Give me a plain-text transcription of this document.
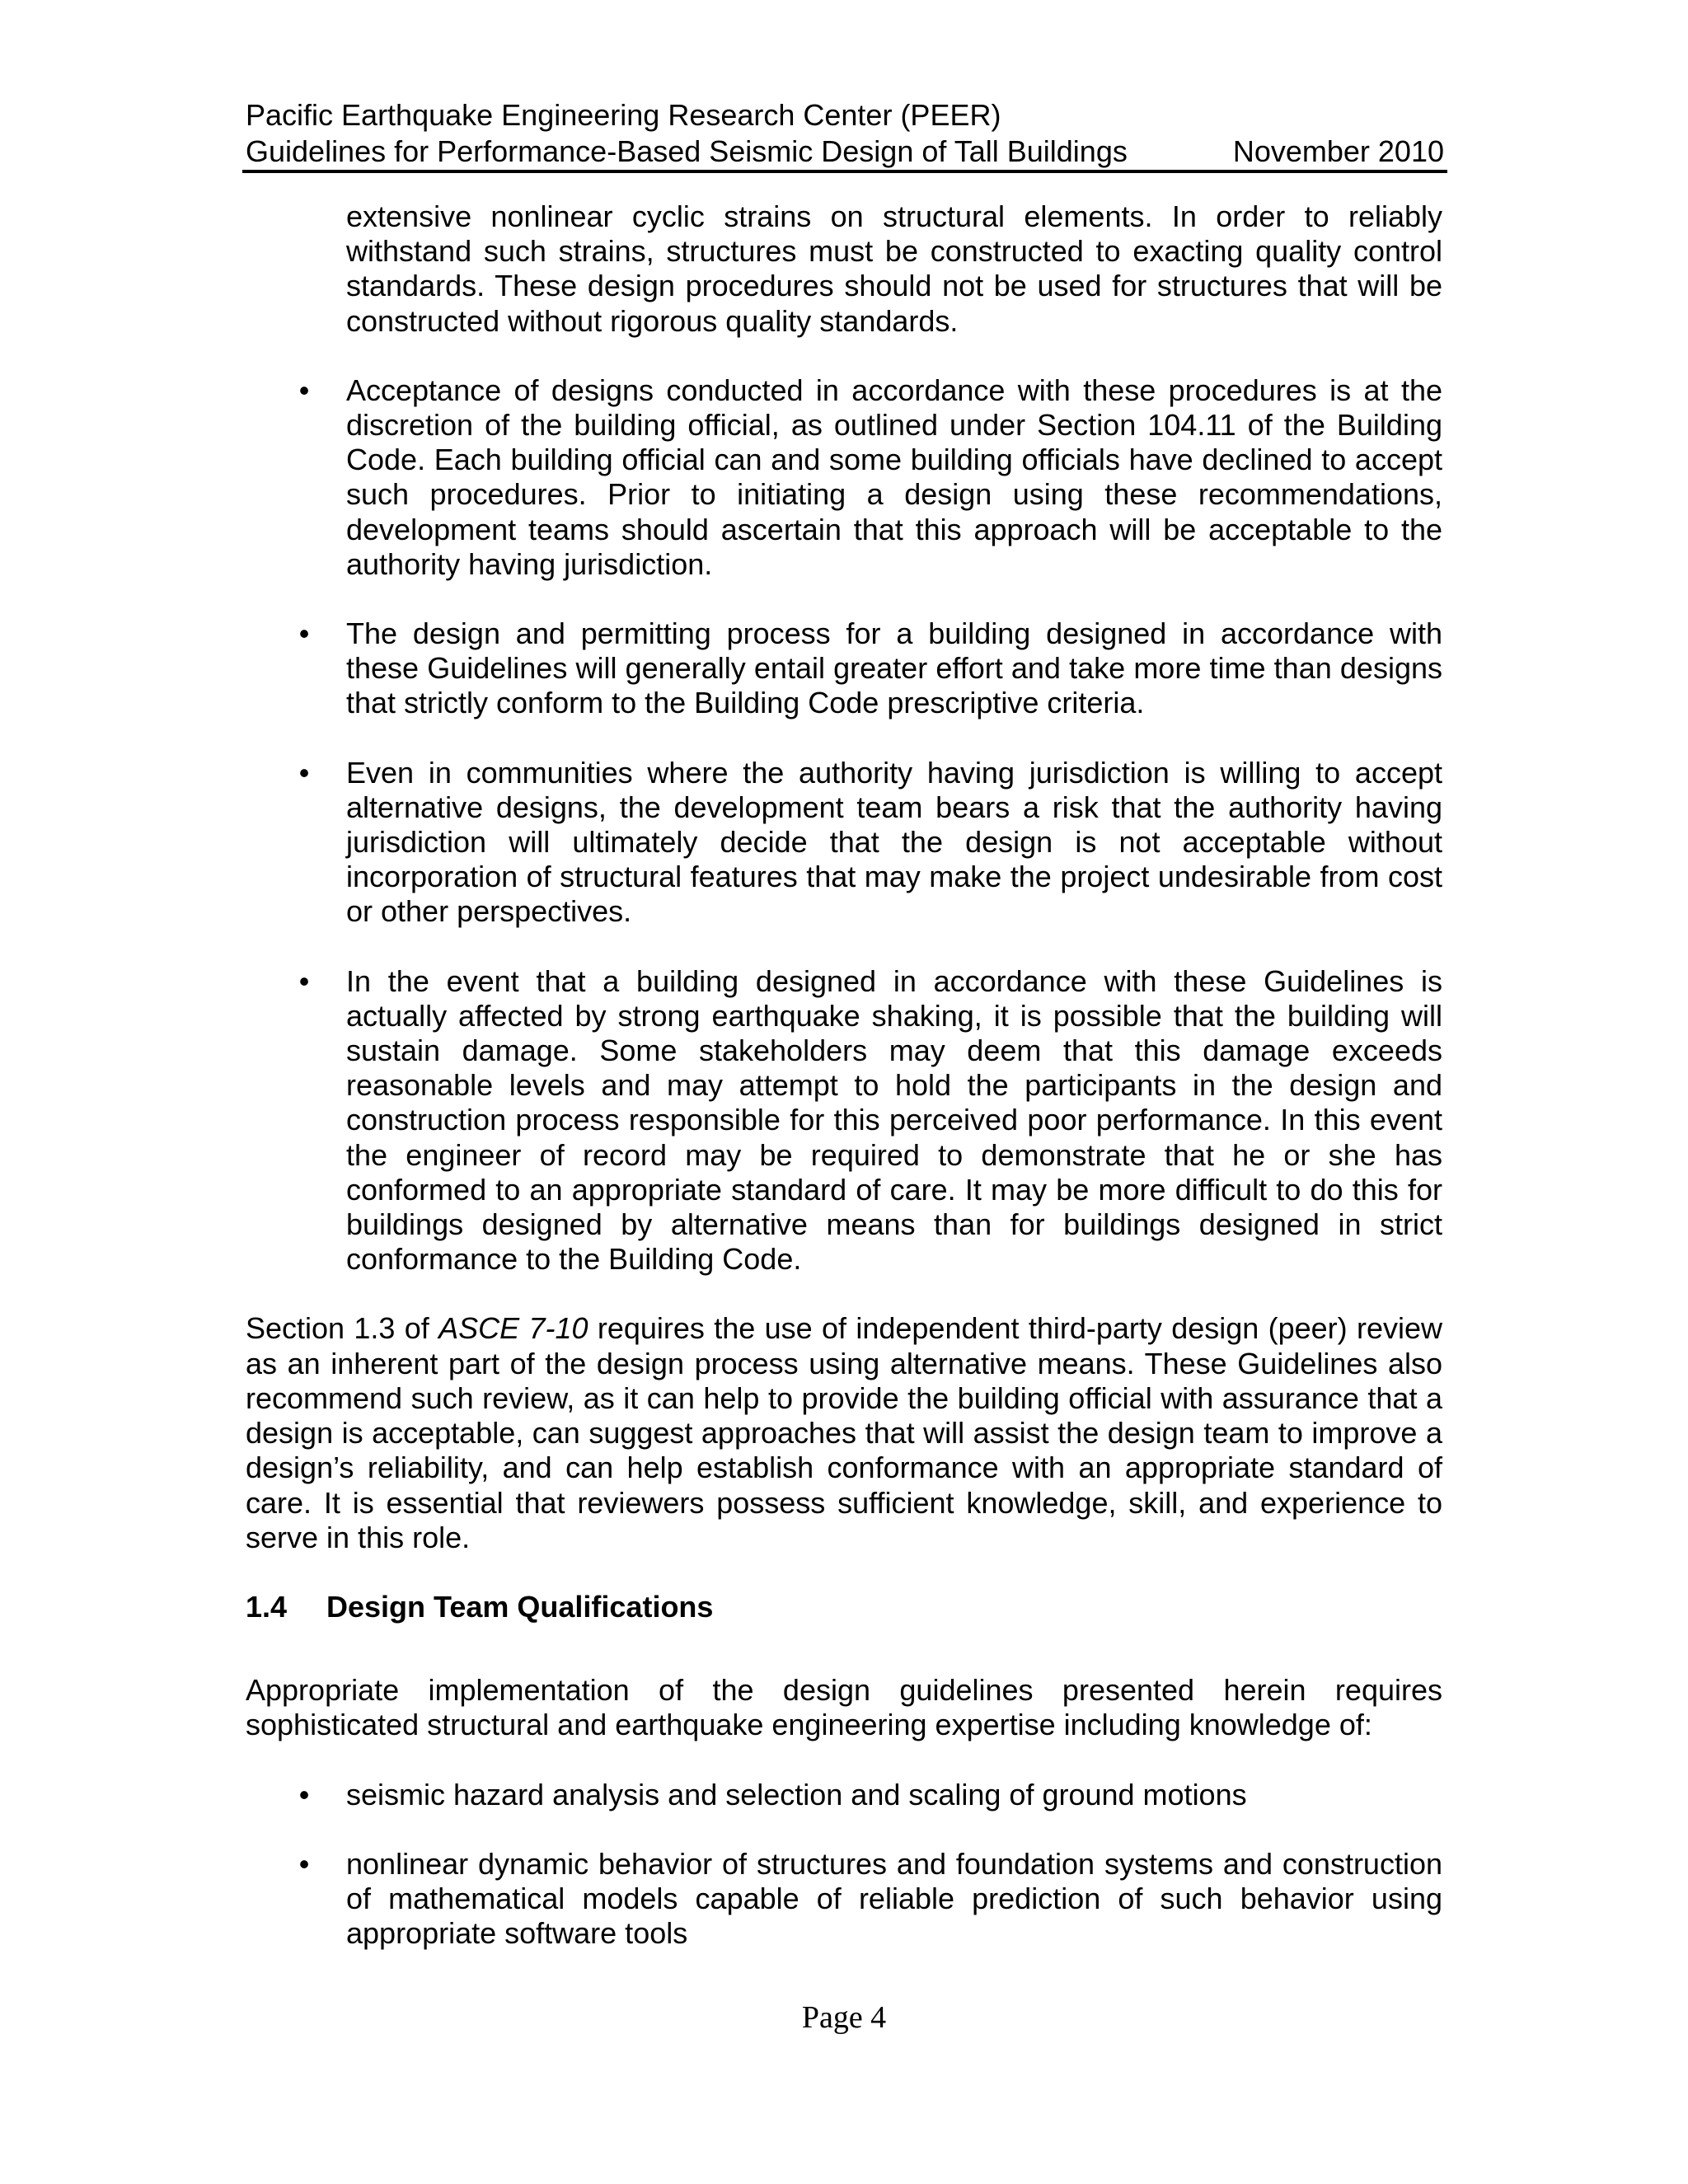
Pacific Earthquake Engineering Research Center (PEER)
Guidelines for Performance-Based Seismic Design of Tall Buildings	November 2010

extensive nonlinear cyclic strains on structural elements. In order to reliably withstand such strains, structures must be constructed to exacting quality control standards. These design procedures should not be used for structures that will be constructed without rigorous quality standards.

• Acceptance of designs conducted in accordance with these procedures is at the discretion of the building official, as outlined under Section 104.11 of the Building Code. Each building official can and some building officials have declined to accept such procedures. Prior to initiating a design using these recommendations, development teams should ascertain that this approach will be acceptable to the authority having jurisdiction.
• The design and permitting process for a building designed in accordance with these Guidelines will generally entail greater effort and take more time than designs that strictly conform to the Building Code prescriptive criteria.
• Even in communities where the authority having jurisdiction is willing to accept alternative designs, the development team bears a risk that the authority having jurisdiction will ultimately decide that the design is not acceptable without incorporation of structural features that may make the project undesirable from cost or other perspectives.
• In the event that a building designed in accordance with these Guidelines is actually affected by strong earthquake shaking, it is possible that the building will sustain damage. Some stakeholders may deem that this damage exceeds reasonable levels and may attempt to hold the participants in the design and construction process responsible for this perceived poor performance. In this event the engineer of record may be required to demonstrate that he or she has conformed to an appropriate standard of care. It may be more difficult to do this for buildings designed by alternative means than for buildings designed in strict conformance to the Building Code.

Section 1.3 of ASCE 7-10 requires the use of independent third-party design (peer) review as an inherent part of the design process using alternative means. These Guidelines also recommend such review, as it can help to provide the building official with assurance that a design is acceptable, can suggest approaches that will assist the design team to improve a design’s reliability, and can help establish conformance with an appropriate standard of care. It is essential that reviewers possess sufficient knowledge, skill, and experience to serve in this role.

1.4	Design Team Qualifications

Appropriate implementation of the design guidelines presented herein requires sophisticated structural and earthquake engineering expertise including knowledge of:

• seismic hazard analysis and selection and scaling of ground motions
• nonlinear dynamic behavior of structures and foundation systems and construction of mathematical models capable of reliable prediction of such behavior using appropriate software tools
Page 4
